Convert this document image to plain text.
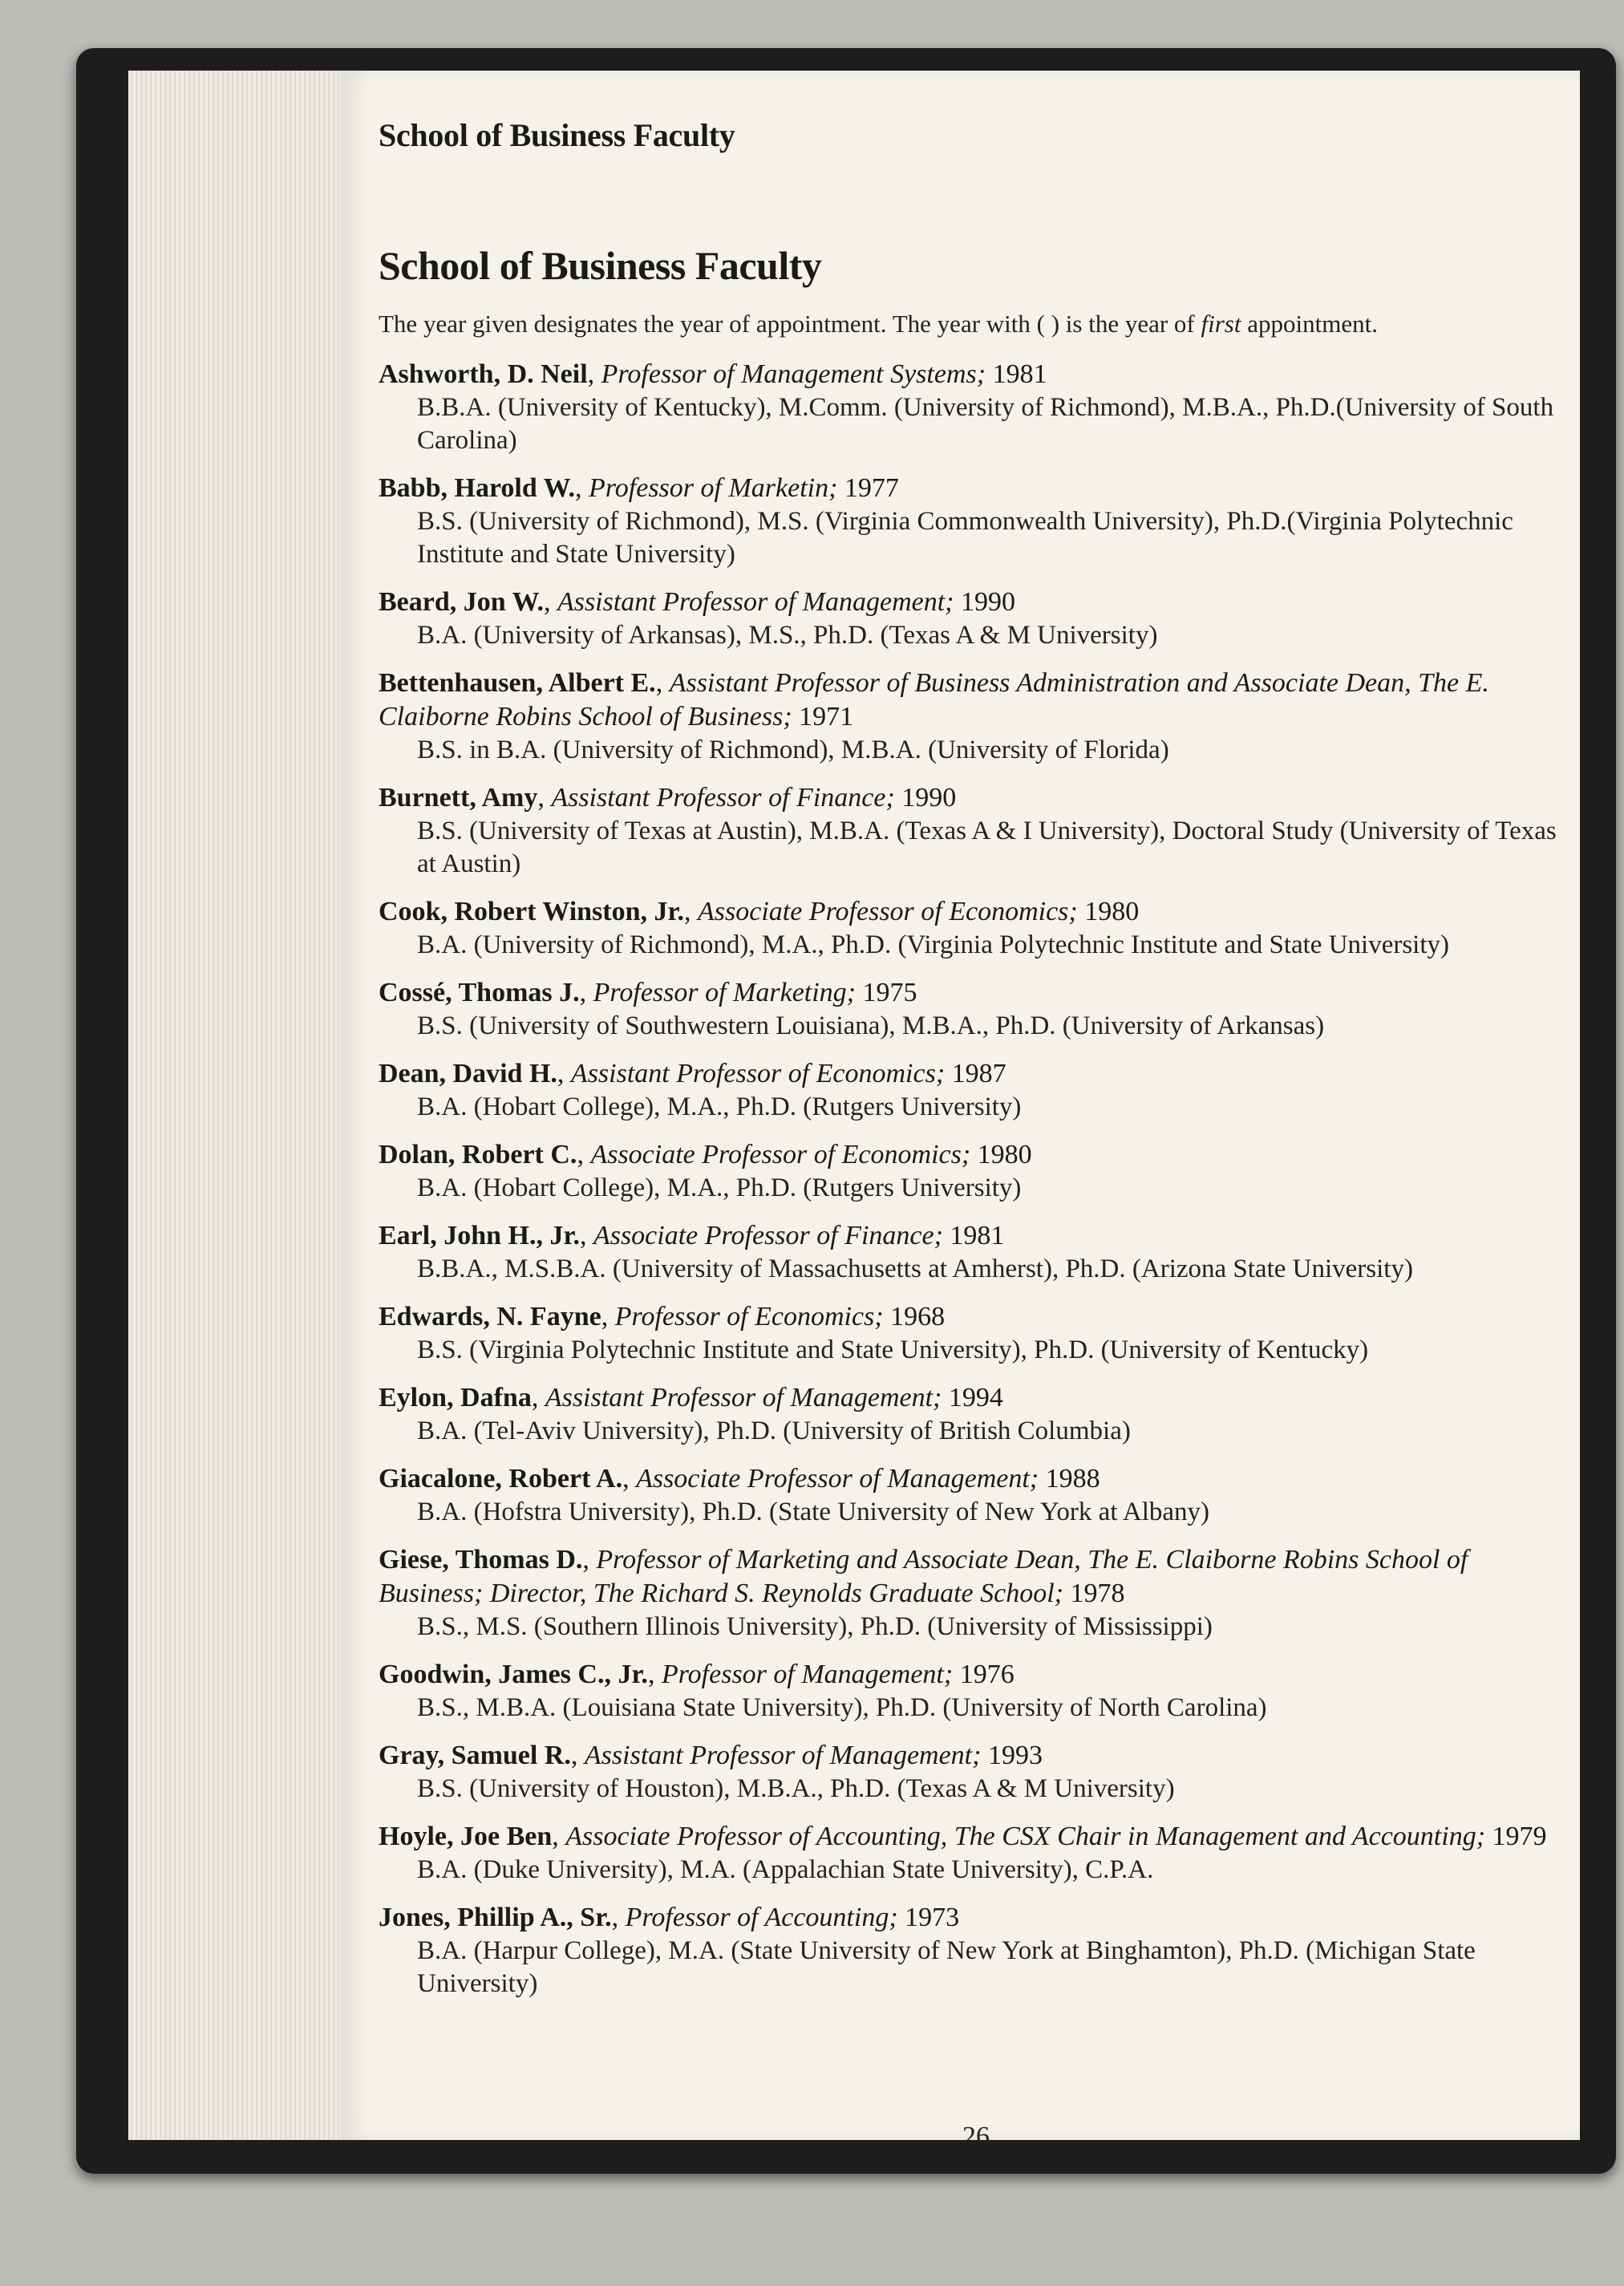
School of Business Faculty
School of Business Faculty
The year given designates the year of appointment. The year with ( ) is the year of first appointment.
Ashworth, D. Neil, Professor of Management Systems; 1981
B.B.A. (University of Kentucky), M.Comm. (University of Richmond), M.B.A., Ph.D.(University of South Carolina)
Babb, Harold W., Professor of Marketin; 1977
B.S. (University of Richmond), M.S. (Virginia Commonwealth University), Ph.D.(Virginia Polytechnic Institute and State University)
Beard, Jon W., Assistant Professor of Management; 1990
B.A. (University of Arkansas), M.S., Ph.D. (Texas A & M University)
Bettenhausen, Albert E., Assistant Professor of Business Administration and Associate Dean, The E. Claiborne Robins School of Business; 1971
B.S. in B.A. (University of Richmond), M.B.A. (University of Florida)
Burnett, Amy, Assistant Professor of Finance; 1990
B.S. (University of Texas at Austin), M.B.A. (Texas A & I University), Doctoral Study (University of Texas at Austin)
Cook, Robert Winston, Jr., Associate Professor of Economics; 1980
B.A. (University of Richmond), M.A., Ph.D. (Virginia Polytechnic Institute and State University)
Cossé, Thomas J., Professor of Marketing; 1975
B.S. (University of Southwestern Louisiana), M.B.A., Ph.D. (University of Arkansas)
Dean, David H., Assistant Professor of Economics; 1987
B.A. (Hobart College), M.A., Ph.D. (Rutgers University)
Dolan, Robert C., Associate Professor of Economics; 1980
B.A. (Hobart College), M.A., Ph.D. (Rutgers University)
Earl, John H., Jr., Associate Professor of Finance; 1981
B.B.A., M.S.B.A. (University of Massachusetts at Amherst), Ph.D. (Arizona State University)
Edwards, N. Fayne, Professor of Economics; 1968
B.S. (Virginia Polytechnic Institute and State University), Ph.D. (University of Kentucky)
Eylon, Dafna, Assistant Professor of Management; 1994
B.A. (Tel-Aviv University), Ph.D. (University of British Columbia)
Giacalone, Robert A., Associate Professor of Management; 1988
B.A. (Hofstra University), Ph.D. (State University of New York at Albany)
Giese, Thomas D., Professor of Marketing and Associate Dean, The E. Claiborne Robins School of Business; Director, The Richard S. Reynolds Graduate School; 1978
B.S., M.S. (Southern Illinois University), Ph.D. (University of Mississippi)
Goodwin, James C., Jr., Professor of Management; 1976
B.S., M.B.A. (Louisiana State University), Ph.D. (University of North Carolina)
Gray, Samuel R., Assistant Professor of Management; 1993
B.S. (University of Houston), M.B.A., Ph.D. (Texas A & M University)
Hoyle, Joe Ben, Associate Professor of Accounting, The CSX Chair in Management and Accounting; 1979
B.A. (Duke University), M.A. (Appalachian State University), C.P.A.
Jones, Phillip A., Sr., Professor of Accounting; 1973
B.A. (Harpur College), M.A. (State University of New York at Binghamton), Ph.D. (Michigan State University)
26
